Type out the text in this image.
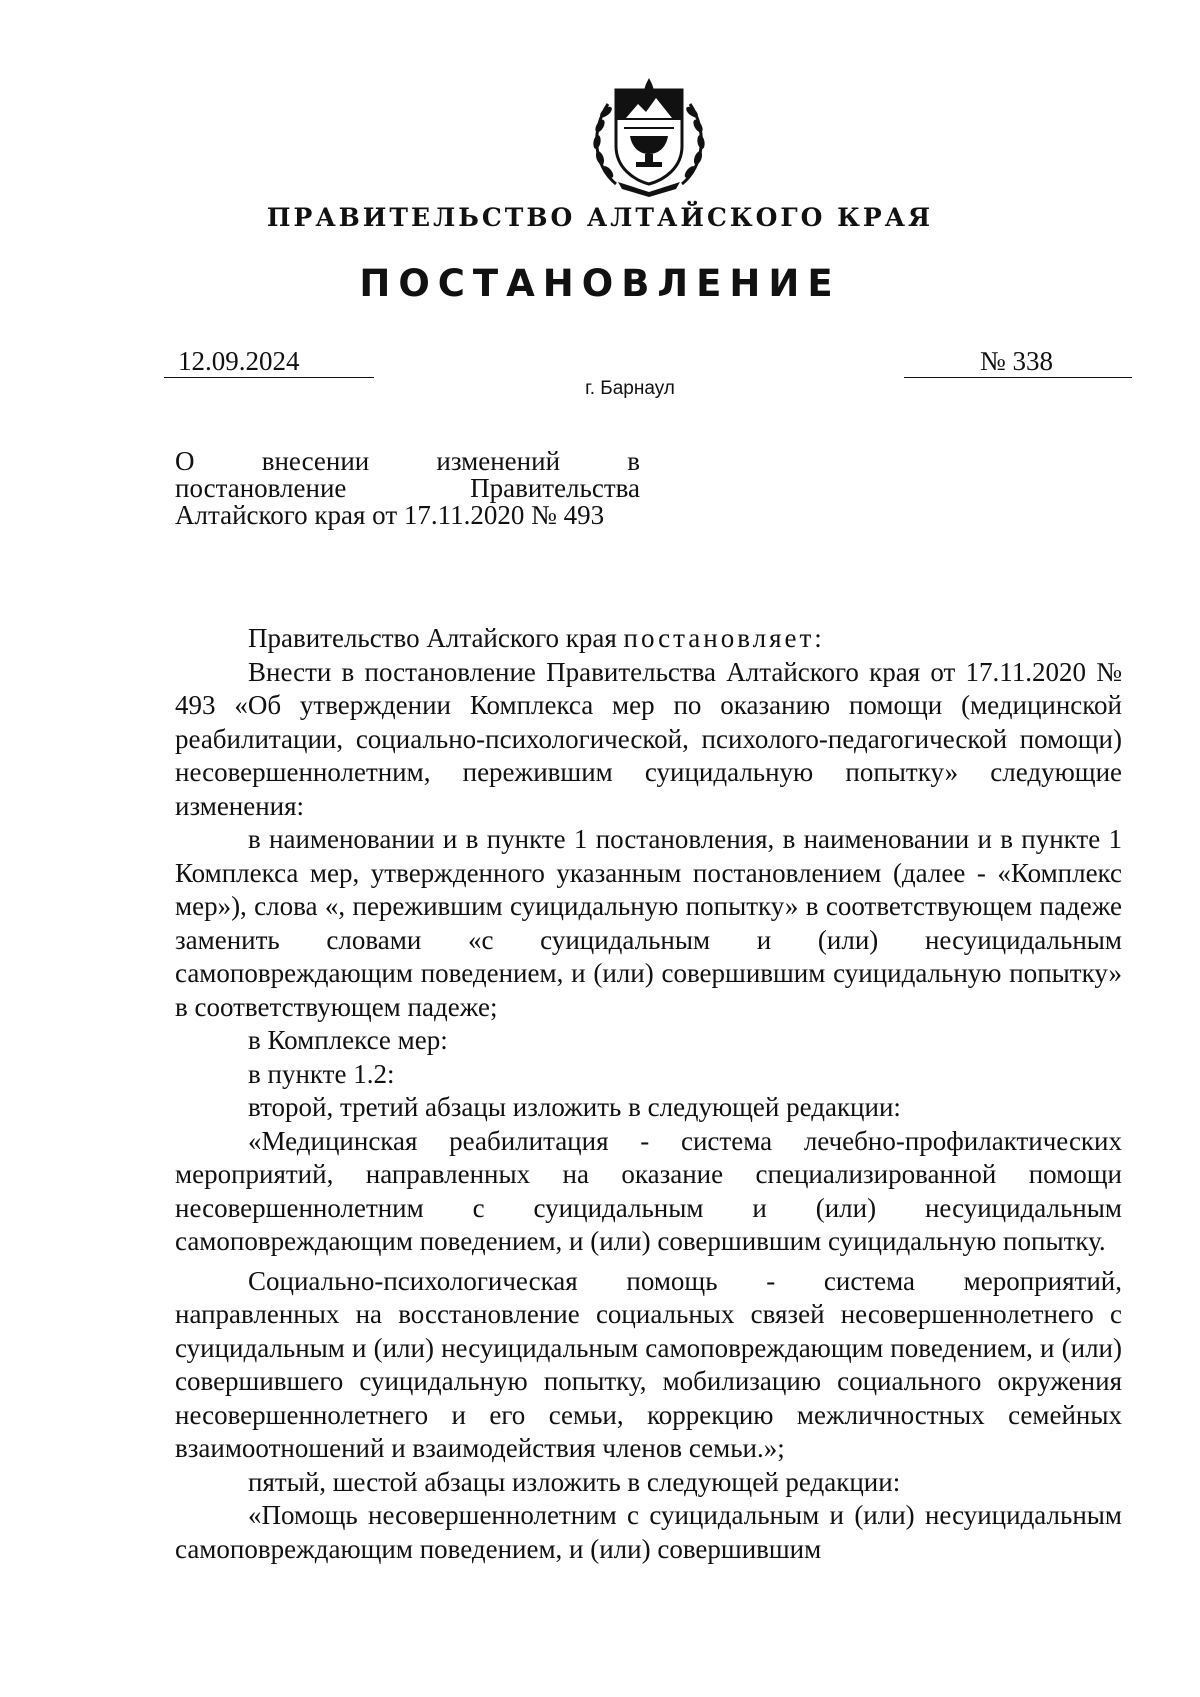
ПРАВИТЕЛЬСТВО АЛТАЙСКОГО КРАЯ
ПОСТАНОВЛЕНИЕ
12.09.2024	№ 338
г. Барнаул
О внесении изменений в
постановление Правительства
Алтайского края от 17.11.2020 № 493

Правительство Алтайского края постановляет:

Внести в постановление Правительства Алтайского края от 17.11.2020 № 493 «Об утверждении Комплекса мер по оказанию помощи (медицинской реабилитации, социально-психологической, психолого-педагогической помощи) несовершеннолетним, пережившим суицидальную попытку» следующие изменения:

в наименовании и в пункте 1 постановления, в наименовании и в пункте 1 Комплекса мер, утвержденного указанным постановлением (далее - «Комплекс мер»), слова «, пережившим суицидальную попытку» в соответствующем падеже заменить словами «с суицидальным и (или) несуицидальным самоповреждающим поведением, и (или) совершившим суицидальную попытку» в соответствующем падеже;

в Комплексе мер:

в пункте 1.2:

второй, третий абзацы изложить в следующей редакции:

«Медицинская реабилитация - система лечебно-профилактических мероприятий, направленных на оказание специализированной помощи несовершеннолетним с суицидальным и (или) несуицидальным самоповреждающим поведением, и (или) совершившим суицидальную попытку.

Социально-психологическая помощь - система мероприятий, направленных на восстановление социальных связей несовершеннолетнего с суицидальным и (или) несуицидальным самоповреждающим поведением, и (или) совершившего суицидальную попытку, мобилизацию социального окружения несовершеннолетнего и его семьи, коррекцию межличностных семейных взаимоотношений и взаимодействия членов семьи.»;

пятый, шестой абзацы изложить в следующей редакции:

«Помощь несовершеннолетним с суицидальным и (или) несуицидальным самоповреждающим поведением, и (или) совершившим
